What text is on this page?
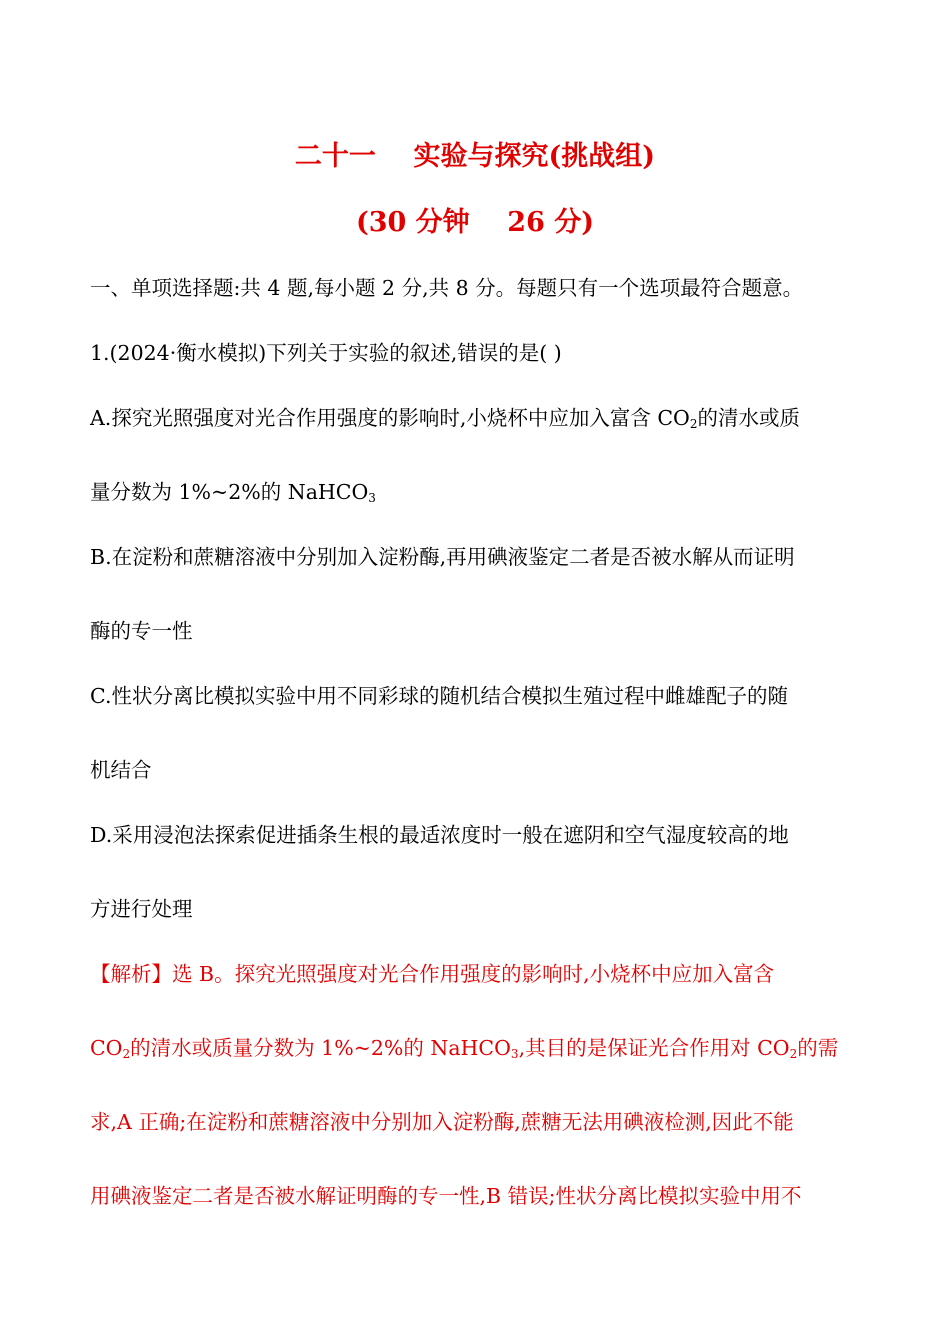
二十一    实验与探究(挑战组)
(30 分钟    26 分)
一、单项选择题:共 4 题,每小题 2 分,共 8 分。每题只有一个选项最符合题意。
1.(2024·衡水模拟)下列关于实验的叙述,错误的是( )
A.探究光照强度对光合作用强度的影响时,小烧杯中应加入富含 $CO_2$的清水或质
量分数为 1%~2%的 NaHCO$_3$
B.在淀粉和蔗糖溶液中分别加入淀粉酶,再用碘液鉴定二者是否被水解从而证明
酶的专一性
C.性状分离比模拟实验中用不同彩球的随机结合模拟生殖过程中雌雄配子的随
机结合
D.采用浸泡法探索促进插条生根的最适浓度时一般在遮阴和空气湿度较高的地
方进行处理
【解析】选 B。探究光照强度对光合作用强度的影响时,小烧杯中应加入富含
$CO_2$的清水或质量分数为 1%~2%的 NaHCO$_3$,其目的是保证光合作用对 $CO_2$的需
求,A 正确;在淀粉和蔗糖溶液中分别加入淀粉酶,蔗糖无法用碘液检测,因此不能
用碘液鉴定二者是否被水解证明酶的专一性,B 错误;性状分离比模拟实验中用不
